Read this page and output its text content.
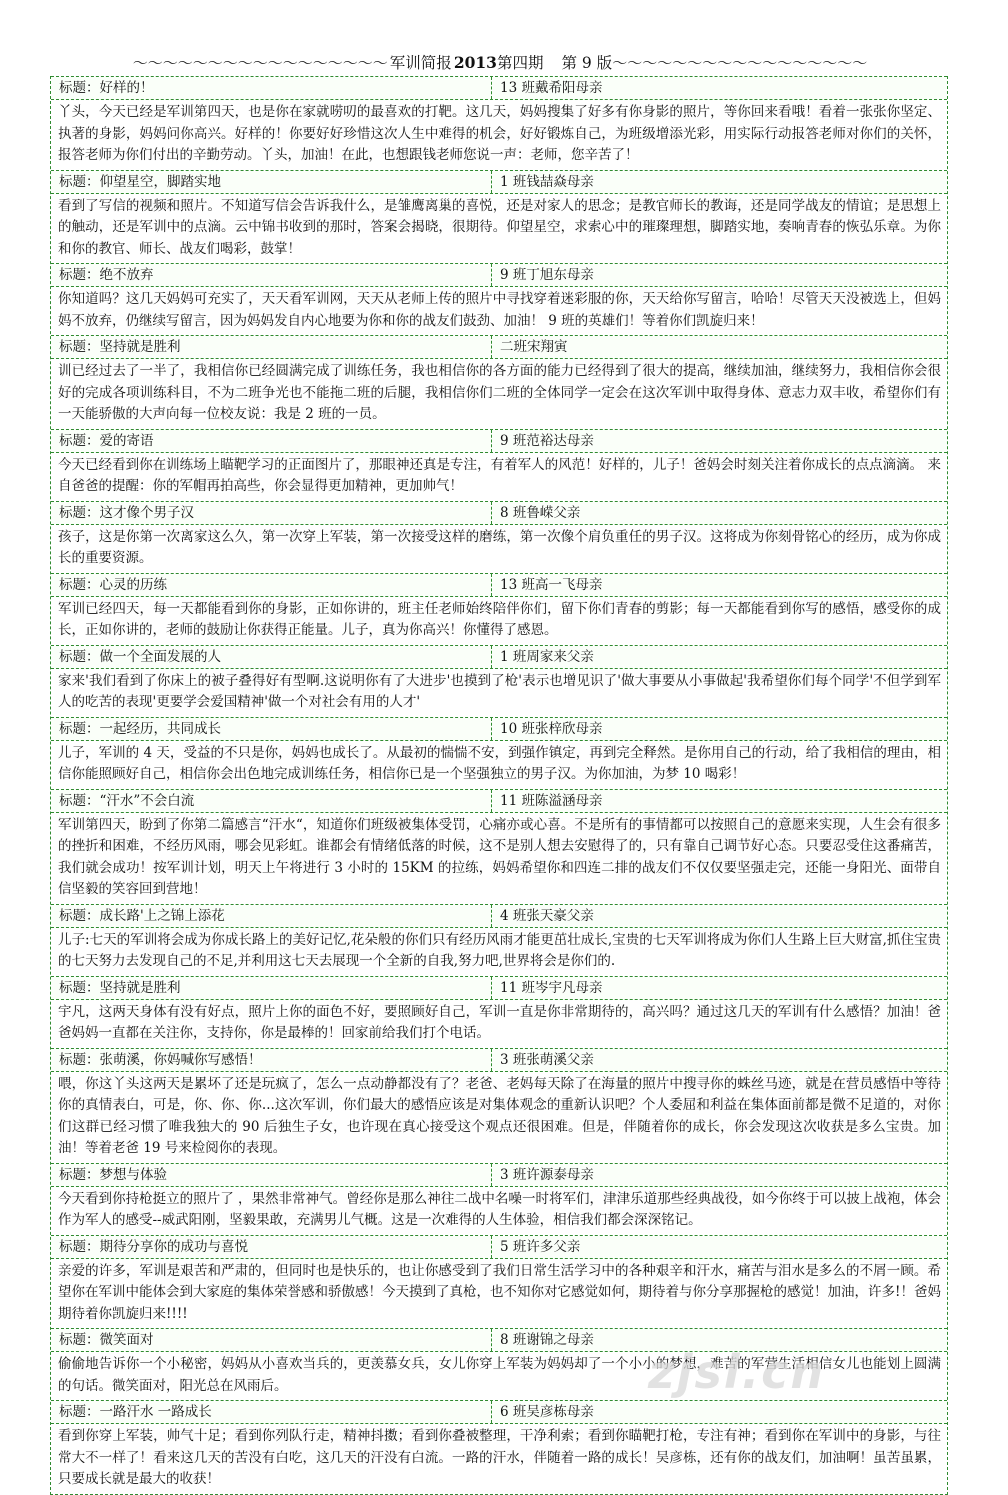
～～～～～～～～～～～～～～～～～ 军训简报 2013 第四期 第 9 版 ～～～～～～～～～～～～～～～～～
标题：好样的！	13 班戴希阳母亲
丫头，今天已经是军训第四天，也是你在家就唠叨的最喜欢的打靶。这几天，妈妈搜集了好多有你身影的照片，等你回来看哦！看着一张张你坚定、执著的身影，妈妈问你高兴。好样的！你要好好珍惜这次人生中难得的机会，好好锻炼自己，为班级增添光彩，用实际行动报答老师对你们的关怀，报答老师为你们付出的辛勤劳动。丫头，加油！在此，也想跟钱老师您说一声：老师，您辛苦了！
标题：仰望星空，脚踏实地	1 班钱喆焱母亲
看到了写信的视频和照片。不知道写信会告诉我什么，是雏鹰离巢的喜悦，还是对家人的思念；是教官师长的教诲，还是同学战友的情谊；是思想上的触动，还是军训中的点滴。云中锦书收到的那时，答案会揭晓，很期待。仰望星空，求索心中的璀璨理想，脚踏实地，奏响青春的恢弘乐章。为你和你的教官、师长、战友们喝彩，鼓掌！
标题：绝不放弃	9 班丁旭东母亲
你知道吗？这几天妈妈可充实了，天天看军训网，天天从老师上传的照片中寻找穿着迷彩服的你，天天给你写留言，哈哈！尽管天天没被选上，但妈妈不放弃，仍继续写留言，因为妈妈发自内心地要为你和你的战友们鼓劲、加油！ 9 班的英雄们！等着你们凯旋归来！
标题：坚持就是胜利	二班宋翔寅
训已经过去了一半了，我相信你已经圆满完成了训练任务，我也相信你的各方面的能力已经得到了很大的提高，继续加油，继续努力，我相信你会很好的完成各项训练科目，不为二班争光也不能拖二班的后腿，我相信你们二班的全体同学一定会在这次军训中取得身体、意志力双丰收，希望你们有一天能骄傲的大声向每一位校友说：我是 2 班的一员。
标题：爱的寄语	9 班范裕达母亲
今天已经看到你在训练场上瞄靶学习的正面图片了，那眼神还真是专注，有着军人的风范！好样的，儿子！爸妈会时刻关注着你成长的点点滴滴。 来自爸爸的提醒：你的军帽再拍高些，你会显得更加精神，更加帅气！
标题：这才像个男子汉	8 班鲁嵘父亲
孩子，这是你第一次离家这么久，第一次穿上军装，第一次接受这样的磨练，第一次像个肩负重任的男子汉。这将成为你刻骨铭心的经历，成为你成长的重要资源。
标题：心灵的历练	13 班高一飞母亲
军训已经四天，每一天都能看到你的身影，正如你讲的，班主任老师始终陪伴你们，留下你们青春的剪影；每一天都能看到你写的感悟，感受你的成长，正如你讲的，老师的鼓励让你获得正能量。儿子，真为你高兴！你懂得了感恩。
标题：做一个全面发展的人	1 班周家来父亲
家来'我们看到了你床上的被子叠得好有型啊.这说明你有了大进步'也摸到了枪'表示也增见识了'做大事要从小事做起'我希望你们每个同学'不但学到军人的吃苦的表现'更要学会爱国精神'做一个对社会有用的人才'
标题：一起经历，共同成长	10 班张梓欣母亲
儿子，军训的 4 天，受益的不只是你，妈妈也成长了。从最初的惴惴不安，到强作镇定，再到完全释然。是你用自己的行动，给了我相信的理由，相信你能照顾好自己，相信你会出色地完成训练任务，相信你已是一个坚强独立的男子汉。为你加油，为梦 10 喝彩！
标题：“汗水”不会白流	11 班陈溢涵母亲
军训第四天，盼到了你第二篇感言“汗水“，知道你们班级被集体受罚，心痛亦或心喜。不是所有的事情都可以按照自己的意愿来实现，人生会有很多的挫折和困难，不经历风雨，哪会见彩虹。谁都会有情绪低落的时候，这不是别人想去安慰得了的，只有靠自己调节好心态。只要忍受住这番痛苦，我们就会成功！按军训计划，明天上午将进行 3 小时的 15KM 的拉练，妈妈希望你和四连二排的战友们不仅仅要坚强走完，还能一身阳光、面带自信坚毅的笑容回到营地！
标题：成长路'上之锦上添花	4 班张天豪父亲
儿子:七天的军训将会成为你成长路上的美好记忆,花朵般的你们只有经历风雨才能更茁壮成长,宝贵的七天军训将成为你们人生路上巨大财富,抓住宝贵的七天努力去发现自己的不足,并利用这七天去展现一个全新的自我,努力吧,世界将会是你们的.
标题：坚持就是胜利	11 班岑宇凡母亲
宇凡，这两天身体有没有好点，照片上你的面色不好，要照顾好自己，军训一直是你非常期待的，高兴吗？通过这几天的军训有什么感悟？加油！爸爸妈妈一直都在关注你，支持你，你是最棒的！回家前给我们打个电话。
标题：张萌溪，你妈喊你写感悟！	3 班张萌溪父亲
喂，你这丫头这两天是累坏了还是玩疯了，怎么一点动静都没有了？老爸、老妈每天除了在海量的照片中搜寻你的蛛丝马迹，就是在营员感悟中等待你的真情表白，可是，你、你、你...这次军训，你们最大的感悟应该是对集体观念的重新认识吧？个人委屈和利益在集体面前都是微不足道的，对你们这群已经习惯了唯我独大的 90 后独生子女，也许现在真心接受这个观点还很困难。但是，伴随着你的成长，你会发现这次收获是多么宝贵。加油！等着老爸 19 号来检阅你的表现。
标题：梦想与体验	3 班许源泰母亲
今天看到你持枪挺立的照片了 ，果然非常神气。曾经你是那么神往二战中名噪一时将军们，津津乐道那些经典战役，如今你终于可以披上战袍，体会作为军人的感受--威武阳刚，坚毅果敢，充满男儿气概。这是一次难得的人生体验，相信我们都会深深铭记。
标题：期待分享你的成功与喜悦	5 班许多父亲
亲爱的许多，军训是艰苦和严肃的，但同时也是快乐的，也让你感受到了我们日常生活学习中的各种艰辛和汗水，痛苦与泪水是多么的不屑一顾。希望你在军训中能体会到大家庭的集体荣誉感和骄傲感！今天摸到了真枪，也不知你对它感觉如何，期待着与你分享那握枪的感觉！加油，许多!！爸妈期待着你凯旋归来!!!!
标题：微笑面对	8 班谢锦之母亲
偷偷地告诉你一个小秘密，妈妈从小喜欢当兵的，更羡慕女兵，女儿你穿上军装为妈妈却了一个小小的梦想，难苦的军营生活相信女儿也能划上圆满的句话。微笑面对，阳光总在风雨后。
标题：一路汗水 一路成长	6 班吴彦栋母亲
看到你穿上军装，帅气十足；看到你列队行走，精神抖擞；看到你叠被整理，干净利索；看到你瞄靶打枪，专注有神；看到你在军训中的身影，与往常大不一样了！看来这几天的苦没有白吃，这几天的汗没有白流。一路的汗水，伴随着一路的成长！吴彦栋，还有你的战友们，加油啊！虽苦虽累，只要成长就是最大的收获！
zjsl.cn
